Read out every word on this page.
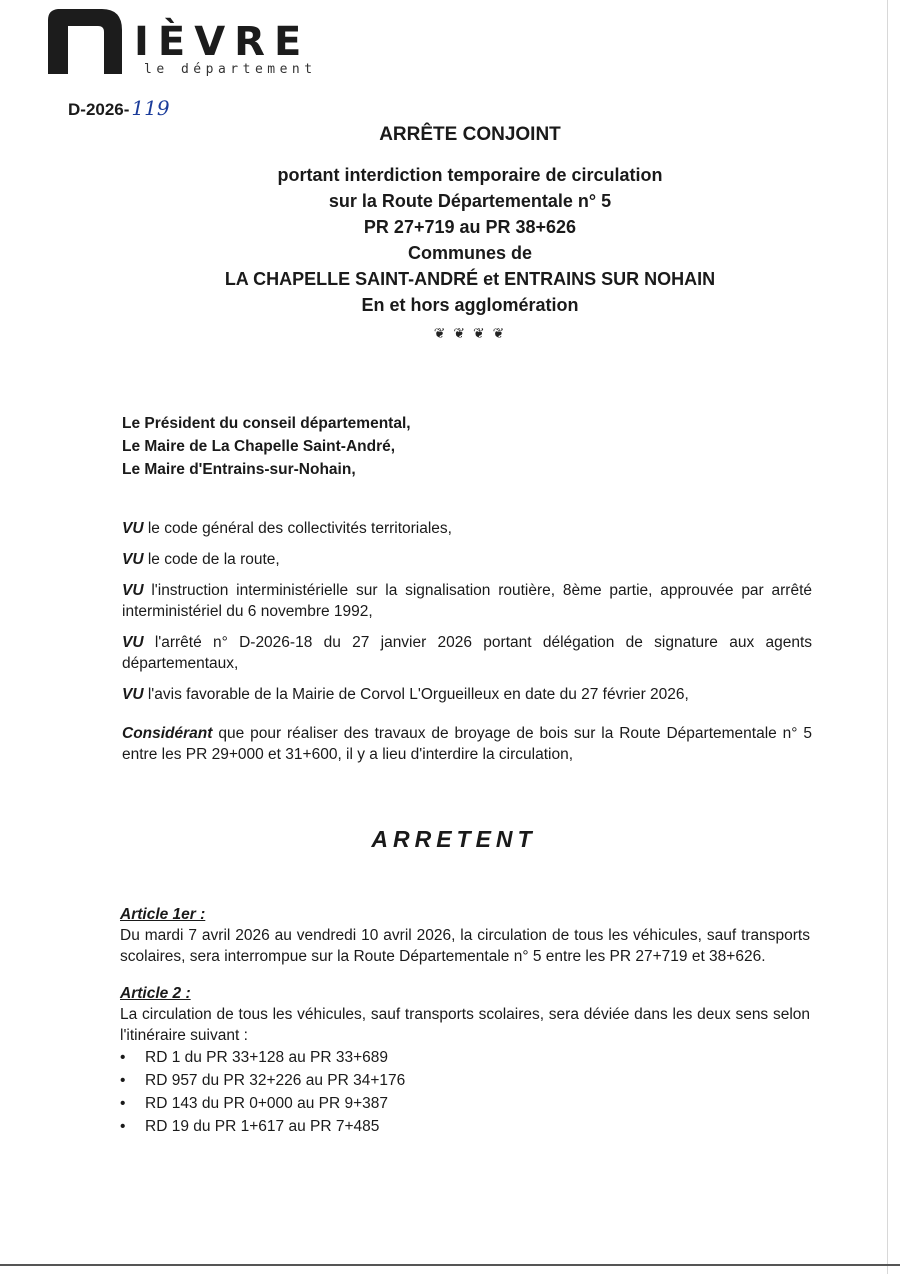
IÈVRE
le département
D-2026- 119
ARRÊTE CONJOINT
portant interdiction temporaire de circulation
sur la Route Départementale n° 5
PR 27+719 au PR 38+626
Communes de
LA CHAPELLE SAINT-ANDRÉ et ENTRAINS SUR NOHAIN
En et hors agglomération
❦ ❦ ❦ ❦
Le Président du conseil départemental,
Le Maire de La Chapelle Saint-André,
Le Maire d'Entrains-sur-Nohain,

VU le code général des collectivités territoriales,

VU le code de la route,

VU l'instruction interministérielle sur la signalisation routière, 8ème partie, approuvée par arrêté interministériel du 6 novembre 1992,

VU l'arrêté n° D-2026-18 du 27 janvier 2026 portant délégation de signature aux agents départementaux,

VU l'avis favorable de la Mairie de Corvol L'Orgueilleux en date du 27 février 2026,

Considérant que pour réaliser des travaux de broyage de bois sur la Route Départementale n° 5 entre les PR 29+000 et 31+600, il y a lieu d'interdire la circulation,

ARRETENT
Article 1er :

Du mardi 7 avril 2026 au vendredi 10 avril 2026, la circulation de tous les véhicules, sauf transports scolaires, sera interrompue sur la Route Départementale n° 5 entre les PR 27+719 et 38+626.

Article 2 :
La circulation de tous les véhicules, sauf transports scolaires, sera déviée dans les deux sens selon l'itinéraire suivant :
• RD 1 du PR 33+128 au PR 33+689
• RD 957 du PR 32+226 au PR 34+176
• RD 143 du PR 0+000 au PR 9+387
• RD 19 du PR 1+617 au PR 7+485
